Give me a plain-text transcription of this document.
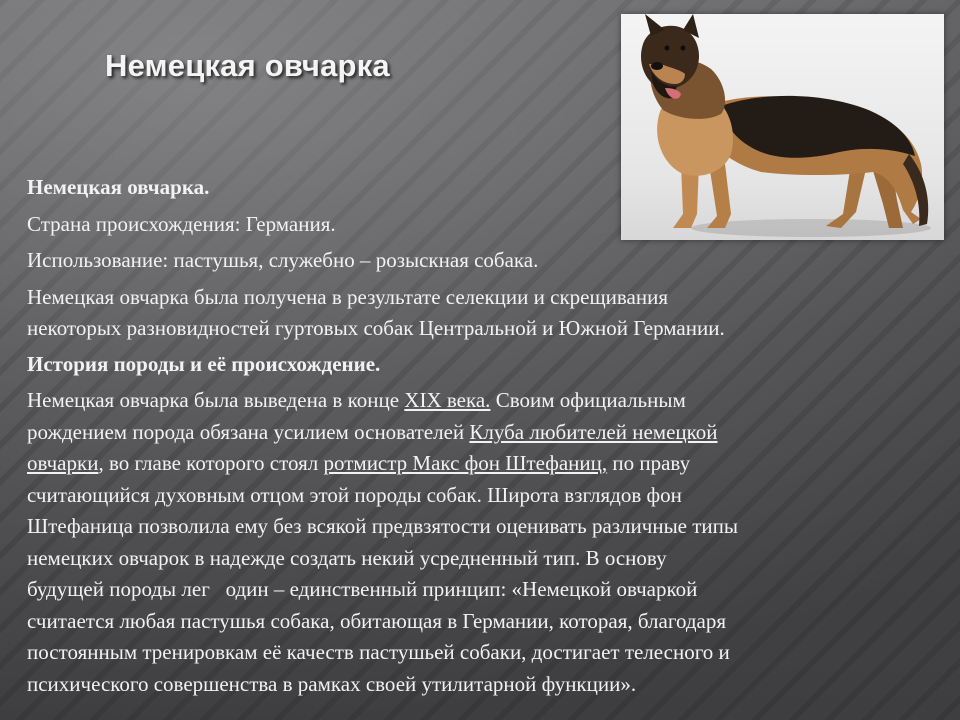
Немецкая овчарка

Немецкая овчарка.

Страна происхождения: Германия.

Использование: пастушья, служебно – розыскная собака.

Немецкая овчарка была получена в результате селекции и скрещивания
некоторых разновидностей гуртовых собак Центральной и Южной Германии.

История породы и её происхождение.

Немецкая овчарка была выведена в конце XIX века. Своим официальным
рождением порода обязана усилием основателей Клуба любителей немецкой
овчарки, во главе которого стоял ротмистр Макс фон Штефаниц, по праву
считающийся духовным отцом этой породы собак. Широта взглядов фон
Штефаница позволила ему без всякой предвзятости оценивать различные типы
немецких овчарок в надежде создать некий усредненный тип. В основу
будущей породы лег   один – единственный принцип: «Немецкой овчаркой
считается любая пастушья собака, обитающая в Германии, которая, благодаря
постоянным тренировкам её качеств пастушьей собаки, достигает телесного и
психического совершенства в рамках своей утилитарной функции».
